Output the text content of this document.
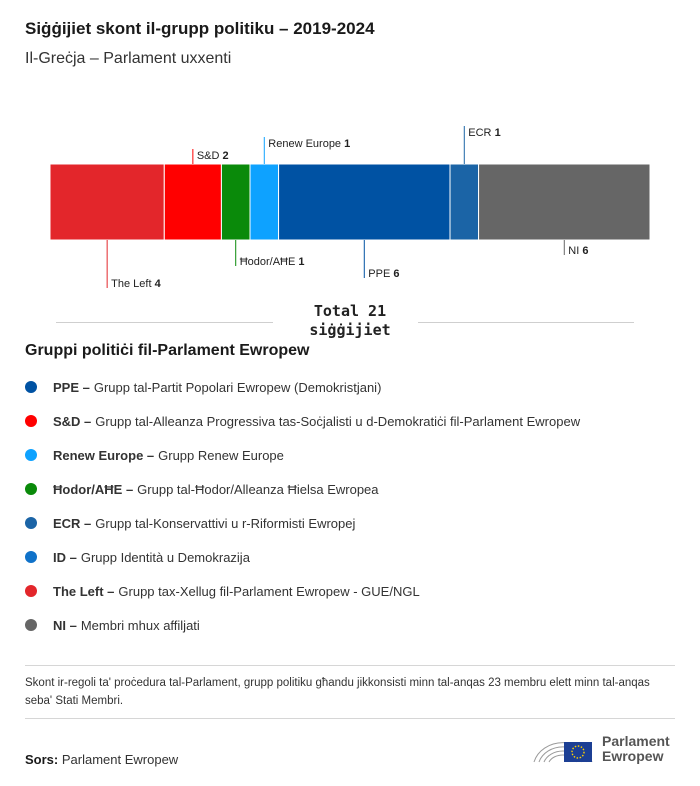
Siġġijiet skont il-grupp politiku – 2019-2024
Il-Greċja – Parlament uxxenti
The Left 4
S&D 2
Ħodor/AĦE 1
Renew Europe 1
PPE 6
ECR 1
NI 6
Total 21
siġġijiet
Gruppi politiċi fil-Parlament Ewropew
PPE – Grupp tal-Partit Popolari Ewropew (Demokristjani)
S&D – Grupp tal-Alleanza Progressiva tas-Soċjalisti u d-Demokratiċi fil-Parlament Ewropew
Renew Europe – Grupp Renew Europe
Ħodor/AĦE – Grupp tal-Ħodor/Alleanza Ħielsa Ewropea
ECR – Grupp tal-Konservattivi u r-Riformisti Ewropej
ID – Grupp Identità u Demokrazija
The Left – Grupp tax-Xellug fil-Parlament Ewropew - GUE/NGL
NI – Membri mhux affiljati
Skont ir-regoli ta' proċedura tal-Parlament, grupp politiku għandu jikkonsisti minn tal-anqas 23 membru elett minn tal-anqas seba' Stati Membri.
Sors: Parlament Ewropew
Parlament
Ewropew
